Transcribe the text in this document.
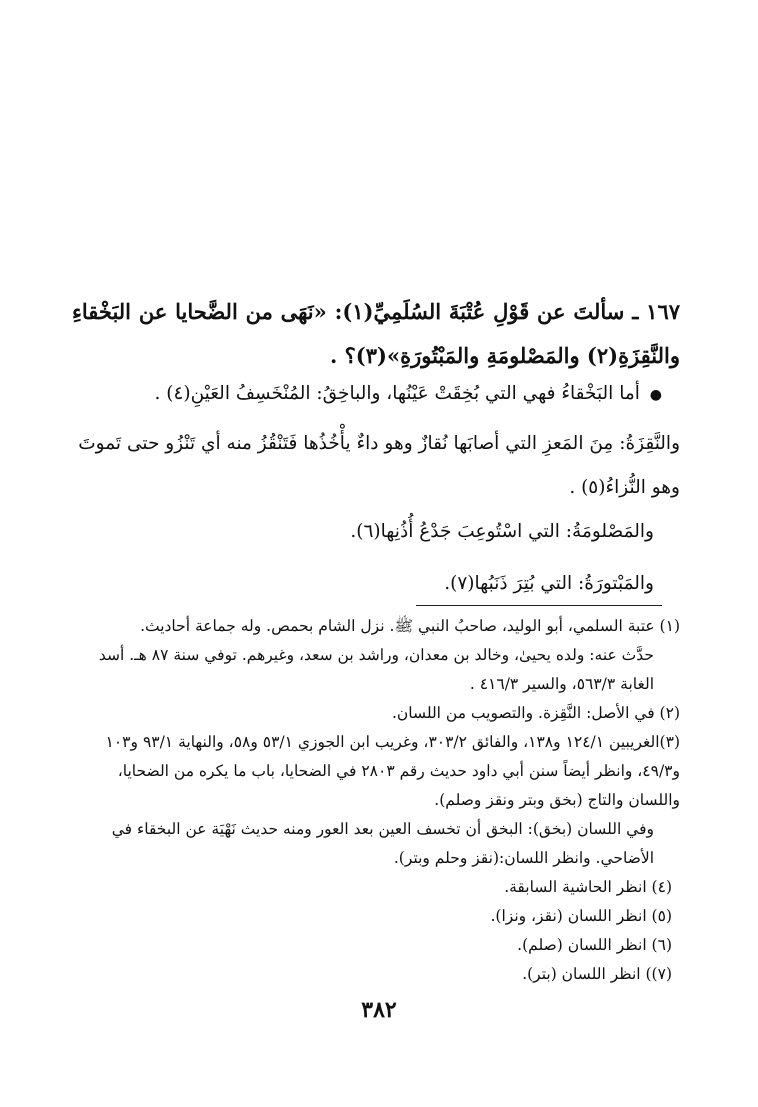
١٦٧ ـ سألتَ عن قَوْلِ عُتْبَةَ السُلَمِيِّ(١): «نَهَى من الضَّحايا عن البَخْقاءِ والنَّقِزَةِ(٢) والمَصْلومَةِ والمَبْتُورَةِ»(٣)؟ .
● أما البَخْقاءُ فهي التي بُخِقَتْ عَيْنُها، والباخِقُ: المُنْخَسِفُ العَيْنِ(٤) .
والنَّقِزَةُ: مِنَ المَعزِ التي أصابَها نُقازٌ وهو داءٌ يأْخُذُها فَتَنْقُزُ منه أي تَنْزُو حتى تَموتَ وهو النُّزاءُ(٥) .
والمَصْلومَةُ: التي اسْتُوعِبَ جَدْعُ أُذُنِها(٦).
والمَبْتورَةُ: التي بُتِرَ ذَنَبُها(٧).

(١) عتبة السلمي، أبو الوليد، صاحبُ النبي ﷺ. نزل الشام بحمص. وله جماعة أحاديث.

حدَّث عنه: ولده يحيىٰ، وخالد بن معدان، وراشد بن سعد، وغيرهم. توفي سنة ٨٧ هـ. أسد الغابة ٥٦٣/٣، والسير ٤١٦/٣ .

(٢) في الأصل: النَّقِزة. والتصويب من اللسان.

(٣)الغريبين ١٢٤/١ و١٣٨، والفائق ٣٠٣/٢، وغريب ابن الجوزي ٥٣/١ و٥٨، والنهاية ٩٣/١ و١٠٣ و٤٩/٣، وانظر أيضاً سنن أبي داود حديث رقم ٢٨٠٣ في الضحايا، باب ما يكره من الضحايا، واللسان والتاج (بخق وبتر ونقز وصلم).

وفي اللسان (بخق): البخق أن تخسف العين بعد العور ومنه حديث نَهْيَة عن البخقاء في الأضاحي. وانظر اللسان:(نقز وحلم وبتر).

(٤) انظر الحاشية السابقة.

(٥) انظر اللسان (نقز، ونزا).

(٦) انظر اللسان (صلم).

(٧)) انظر اللسان (بتر).

٣٨٢
